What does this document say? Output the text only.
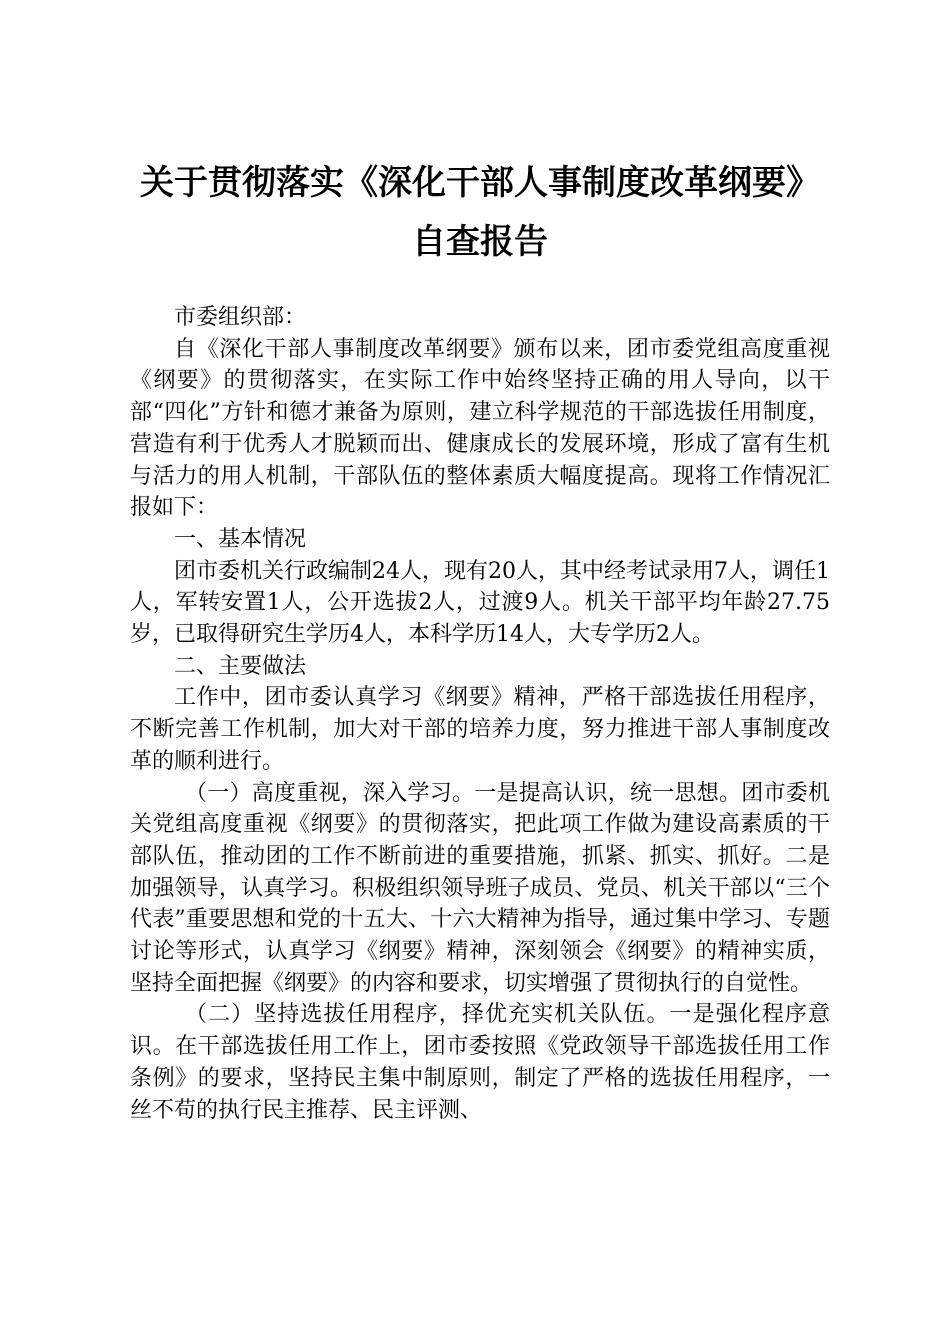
关于贯彻落实《深化干部人事制度改革纲要》
自查报告

市委组织部：

自《深化干部人事制度改革纲要》颁布以来，团市委党组高度重视《纲要》的贯彻落实，在实际工作中始终坚持正确的用人导向，以干部“四化”方针和德才兼备为原则，建立科学规范的干部选拔任用制度，营造有利于优秀人才脱颖而出、健康成长的发展环境，形成了富有生机与活力的用人机制，干部队伍的整体素质大幅度提高。现将工作情况汇报如下：

一、基本情况

团市委机关行政编制24人，现有20人，其中经考试录用7人，调任1人，军转安置1人，公开选拔2人，过渡9人。机关干部平均年龄27.75岁，已取得研究生学历4人，本科学历14人，大专学历2人。

二、主要做法

工作中，团市委认真学习《纲要》精神，严格干部选拔任用程序，不断完善工作机制，加大对干部的培养力度，努力推进干部人事制度改革的顺利进行。

（一）高度重视，深入学习。一是提高认识，统一思想。团市委机关党组高度重视《纲要》的贯彻落实，把此项工作做为建设高素质的干部队伍，推动团的工作不断前进的重要措施，抓紧、抓实、抓好。二是加强领导，认真学习。积极组织领导班子成员、党员、机关干部以“三个代表”重要思想和党的十五大、十六大精神为指导，通过集中学习、专题讨论等形式，认真学习《纲要》精神，深刻领会《纲要》的精神实质，坚持全面把握《纲要》的内容和要求，切实增强了贯彻执行的自觉性。

（二）坚持选拔任用程序，择优充实机关队伍。一是强化程序意识。在干部选拔任用工作上，团市委按照《党政领导干部选拔任用工作条例》的要求，坚持民主集中制原则，制定了严格的选拔任用程序，一丝不苟的执行民主推荐、民主评测、
